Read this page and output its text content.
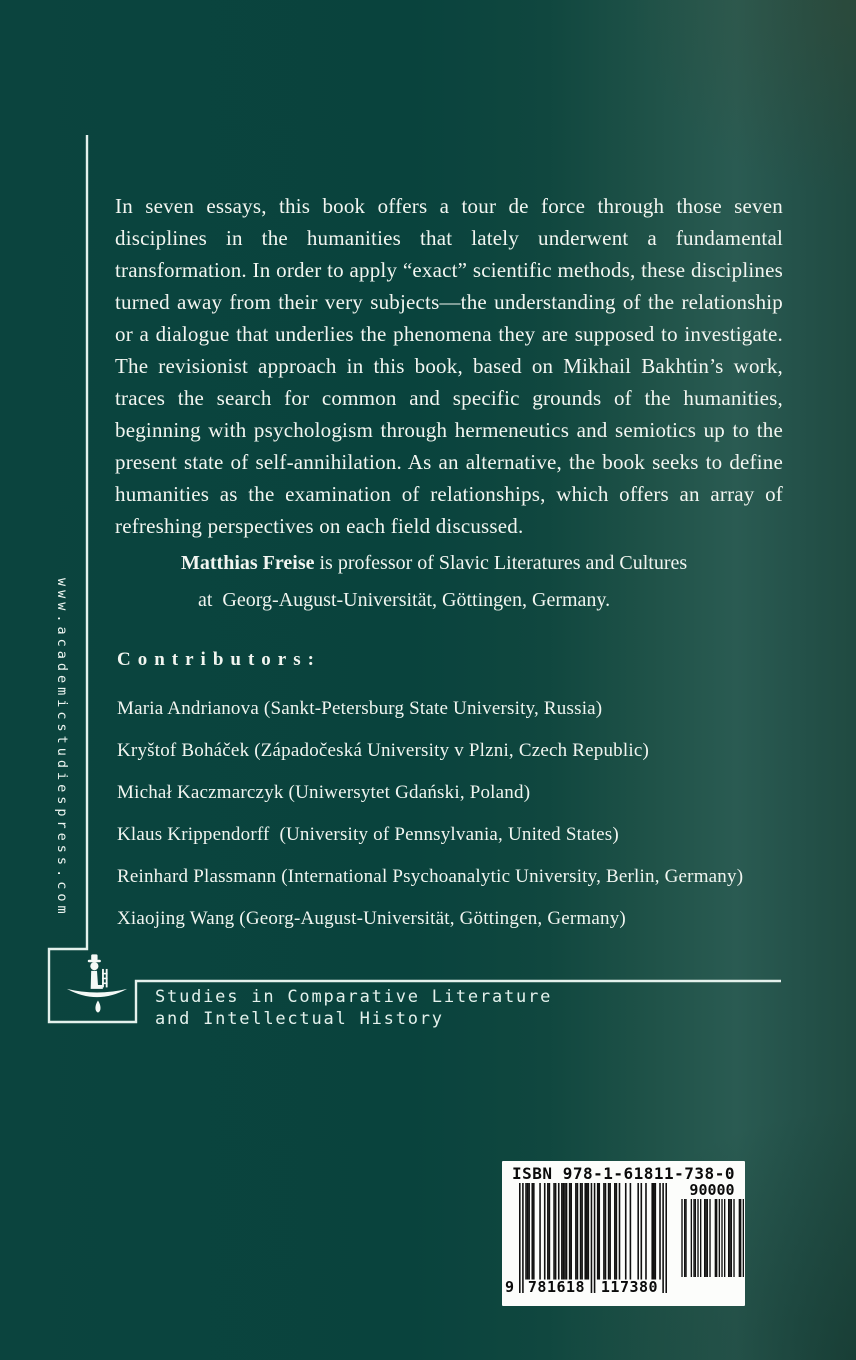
In seven essays, this book offers a tour de force through those seven disciplines in the humanities that lately underwent a fundamental transformation. In order to apply “exact” scientific methods, these disciplines turned away from their very subjects—the understanding of the relationship or a dialogue that underlies the phenomena they are supposed to investigate. The revisionist approach in this book, based on Mikhail Bakhtin’s work, traces the search for common and specific grounds of the humanities, beginning with psychologism through hermeneutics and semiotics up to the present state of self-annihilation. As an alternative, the book seeks to define humanities as the examination of relationships, which offers an array of refreshing perspectives on each field discussed.
Matthias Freise is professor of Slavic Literatures and Cultures
at  Georg-August-Universität, Göttingen, Germany.
Contributors:
Maria Andrianova (Sankt-Petersburg State University, Russia)
Kryštof Boháček (Západočeská University v Plzni, Czech Republic)
Michał Kaczmarczyk (Uniwersytet Gdański, Poland)
Klaus Krippendorff  (University of Pennsylvania, United States)
Reinhard Plassmann (International Psychoanalytic University, Berlin, Germany)
Xiaojing Wang (Georg-August-Universität, Göttingen, Germany)
www.academicstudiespress.com
Studies in Comparative Literature
and Intellectual History
ISBN 978-1-61811-738-0
90000
9 781618 117380
